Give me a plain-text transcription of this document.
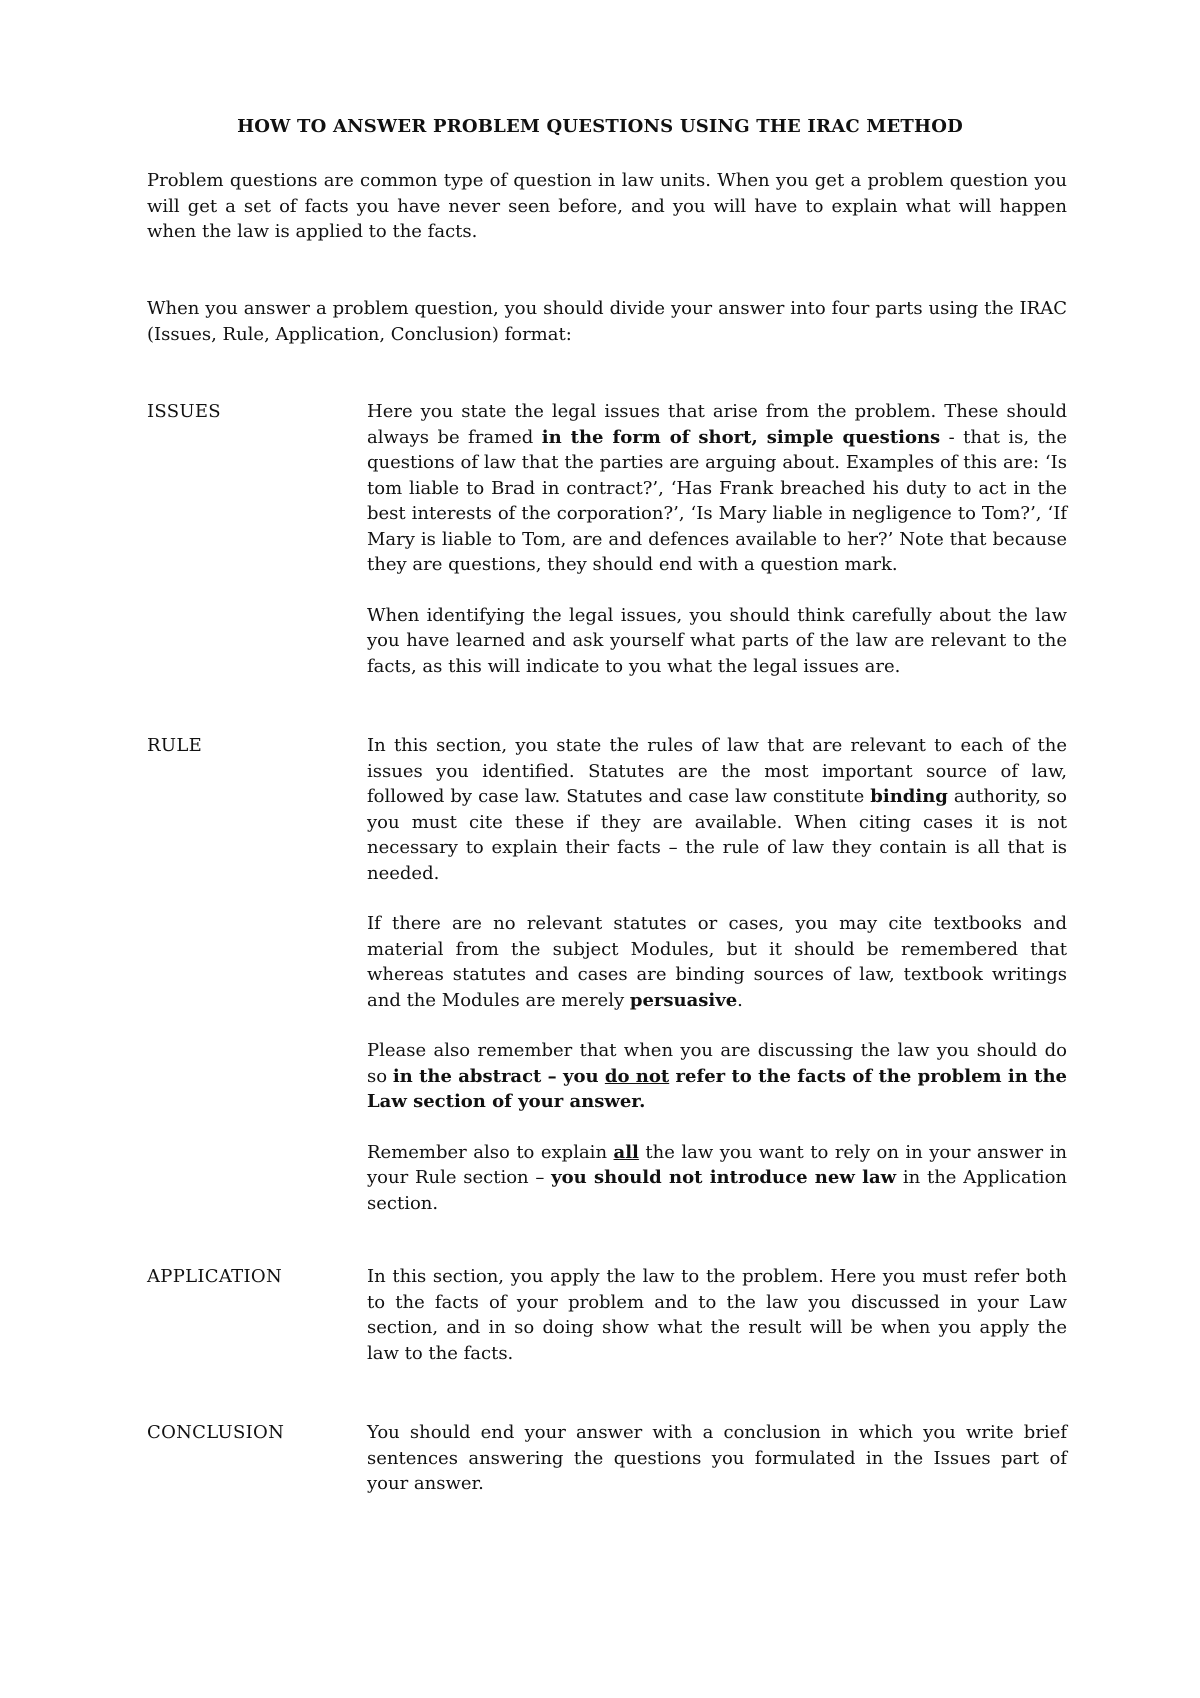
HOW TO ANSWER PROBLEM QUESTIONS USING THE IRAC METHOD
Problem questions are common type of question in law units. When you get a problem question you will get a set of facts you have never seen before, and you will have to explain what will happen when the law is applied to the facts.
When you answer a problem question, you should divide your answer into four parts using the IRAC (Issues, Rule, Application, Conclusion) format:
ISSUES	Here you state the legal issues that arise from the problem. These should always be framed in the form of short, simple questions - that is, the questions of law that the parties are arguing about. Examples of this are: ‘Is tom liable to Brad in contract?’, ‘Has Frank breached his duty to act in the best interests of the corporation?’, ‘Is Mary liable in negligence to Tom?’, ‘If Mary is liable to Tom, are and defences available to her?’ Note that because they are questions, they should end with a question mark.

When identifying the legal issues, you should think carefully about the law you have learned and ask yourself what parts of the law are relevant to the facts, as this will indicate to you what the legal issues are.

RULE	In this section, you state the rules of law that are relevant to each of the issues you identified. Statutes are the most important source of law, followed by case law. Statutes and case law constitute binding authority, so you must cite these if they are available. When citing cases it is not necessary to explain their facts – the rule of law they contain is all that is needed.

If there are no relevant statutes or cases, you may cite textbooks and material from the subject Modules, but it should be remembered that whereas statutes and cases are binding sources of law, textbook writings and the Modules are merely persuasive.

Please also remember that when you are discussing the law you should do so in the abstract – you do not refer to the facts of the problem in the Law section of your answer.

Remember also to explain all the law you want to rely on in your answer in your Rule section – you should not introduce new law in the Application section.

APPLICATION	In this section, you apply the law to the problem. Here you must refer both to the facts of your problem and to the law you discussed in your Law section, and in so doing show what the result will be when you apply the law to the facts.

CONCLUSION	You should end your answer with a conclusion in which you write brief sentences answering the questions you formulated in the Issues part of your answer.
